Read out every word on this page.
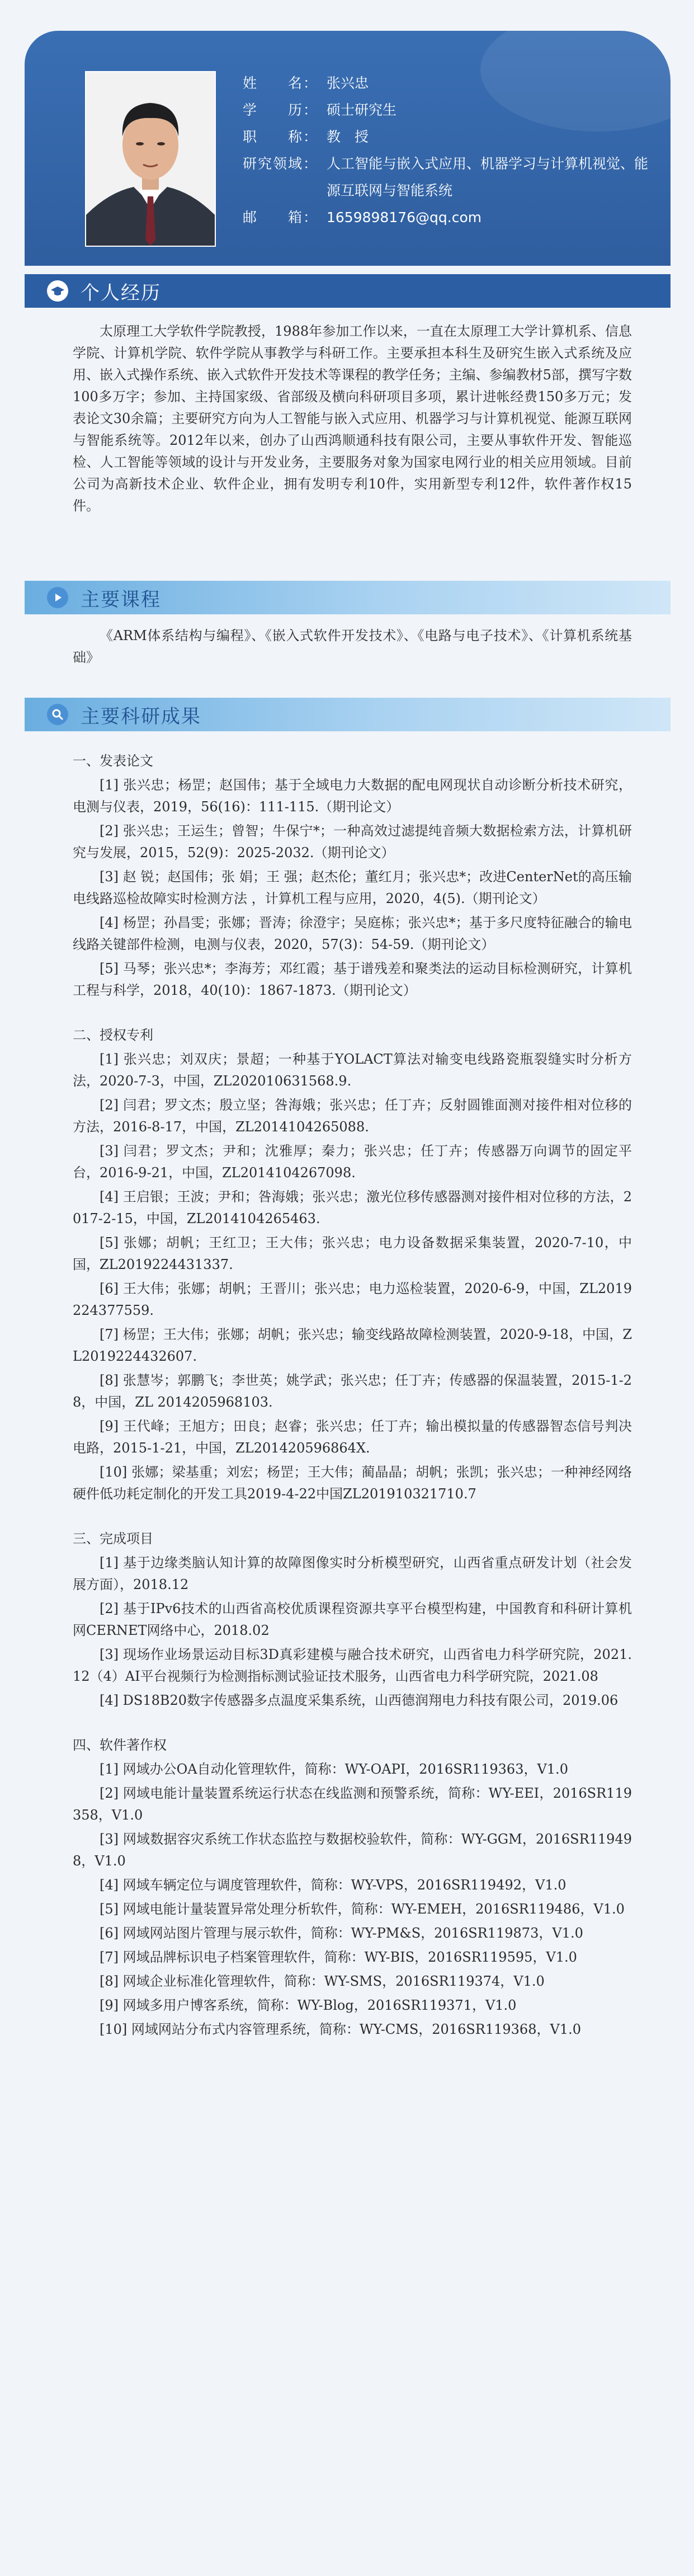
姓　　名： 张兴忠
学　　历： 硕士研究生
职　　称： 教　授
研究领域： 人工智能与嵌入式应用、机器学习与计算机视觉、能源互联网与智能系统
邮　　箱： 1659898176@qq.com
个人经历
太原理工大学软件学院教授，1988年参加工作以来，一直在太原理工大学计算机系、信息学院、计算机学院、软件学院从事教学与科研工作。主要承担本科生及研究生嵌入式系统及应用、嵌入式操作系统、嵌入式软件开发技术等课程的教学任务；主编、参编教材5部，撰写字数100多万字；参加、主持国家级、省部级及横向科研项目多项，累计进帐经费150多万元；发表论文30余篇；主要研究方向为人工智能与嵌入式应用、机器学习与计算机视觉、能源互联网与智能系统等。2012年以来，创办了山西鸿顺通科技有限公司，主要从事软件开发、智能巡检、人工智能等领域的设计与开发业务，主要服务对象为国家电网行业的相关应用领域。目前公司为高新技术企业、软件企业，拥有发明专利10件，实用新型专利12件，软件著作权15件。
主要课程
《ARM体系结构与编程》、《嵌入式软件开发技术》、《电路与电子技术》、《计算机系统基础》
主要科研成果

一、发表论文

[1] 张兴忠；杨罡；赵国伟；基于全域电力大数据的配电网现状自动诊断分析技术研究，电测与仪表，2019，56(16)：111-115.（期刊论文）

[2] 张兴忠；王运生；曾智；牛保宁*；一种高效过滤提纯音频大数据检索方法，计算机研究与发展，2015，52(9)：2025-2032.（期刊论文）

[3] 赵 锐；赵国伟；张 娟；王 强；赵杰伦；董红月；张兴忠*；改进CenterNet的高压输电线路巡检故障实时检测方法 ，计算机工程与应用，2020，4(5).（期刊论文）

[4] 杨罡；孙昌雯；张娜；晋涛；徐澄宇；吴庭栋；张兴忠*；基于多尺度特征融合的输电线路关键部件检测，电测与仪表，2020，57(3)：54-59.（期刊论文）

[5] 马琴；张兴忠*；李海芳；邓红霞；基于谱残差和聚类法的运动目标检测研究，计算机工程与科学，2018，40(10)：1867-1873.（期刊论文）

二、授权专利

[1] 张兴忠；刘双庆；景超；一种基于YOLACT算法对输变电线路瓷瓶裂缝实时分析方法，2020-7-3，中国，ZL202010631568.9.

[2] 闫君；罗文杰；殷立坚；咎海娥；张兴忠；任丁卉；反射圆锥面测对接件相对位移的方法，2016-8-17，中国，ZL2014104265088.

[3] 闫君；罗文杰；尹和；沈雅厚；秦力；张兴忠；任丁卉；传感器万向调节的固定平台，2016-9-21，中国，ZL2014104267098.

[4] 王启银；王波；尹和；咎海娥；张兴忠；激光位移传感器测对接件相对位移的方法，2017-2-15，中国，ZL2014104265463.

[5] 张娜；胡帆；王红卫；王大伟；张兴忠；电力设备数据采集装置，2020-7-10，中国，ZL2019224431337.

[6] 王大伟；张娜；胡帆；王晋川；张兴忠；电力巡检装置，2020-6-9，中国，ZL2019224377559.

[7] 杨罡；王大伟；张娜；胡帆；张兴忠；输变线路故障检测装置，2020-9-18，中国，ZL2019224432607.

[8] 张慧岑；郭鹏飞；李世英；姚学武；张兴忠；任丁卉；传感器的保温装置，2015-1-28，中国，ZL 2014205968103.

[9] 王代峰；王旭方；田良；赵睿；张兴忠；任丁卉；输出模拟量的传感器智态信号判决电路，2015-1-21，中国，ZL201420596864X.

[10] 张娜；梁基重；刘宏；杨罡；王大伟；蔺晶晶；胡帆；张凯；张兴忠；一种神经网络硬件低功耗定制化的开发工具2019-4-22中国ZL201910321710.7

三、完成项目

[1] 基于边缘类脑认知计算的故障图像实时分析模型研究，山西省重点研发计划（社会发展方面），2018.12

[2] 基于IPv6技术的山西省高校优质课程资源共享平台模型构建，中国教育和科研计算机网CERNET网络中心，2018.02

[3] 现场作业场景运动目标3D真彩建模与融合技术研究，山西省电力科学研究院，2021.12（4）AI平台视频行为检测指标测试验证技术服务，山西省电力科学研究院，2021.08

[4] DS18B20数字传感器多点温度采集系统，山西德润翔电力科技有限公司，2019.06

四、软件著作权

[1] 网域办公OA自动化管理软件，简称：WY-OAPI，2016SR119363，V1.0

[2] 网域电能计量装置系统运行状态在线监测和预警系统，简称：WY-EEI，2016SR119358，V1.0

[3] 网域数据容灾系统工作状态监控与数据校验软件，简称：WY-GGM，2016SR119498，V1.0

[4] 网域车辆定位与调度管理软件，简称：WY-VPS，2016SR119492，V1.0

[5] 网域电能计量装置异常处理分析软件，简称：WY-EMEH，2016SR119486，V1.0

[6] 网域网站图片管理与展示软件，简称：WY-PM&S，2016SR119873，V1.0

[7] 网域品牌标识电子档案管理软件，简称：WY-BIS，2016SR119595，V1.0

[8] 网域企业标准化管理软件，简称：WY-SMS，2016SR119374，V1.0

[9] 网域多用户博客系统，简称：WY-Blog，2016SR119371，V1.0

[10] 网域网站分布式内容管理系统，简称：WY-CMS，2016SR119368，V1.0
